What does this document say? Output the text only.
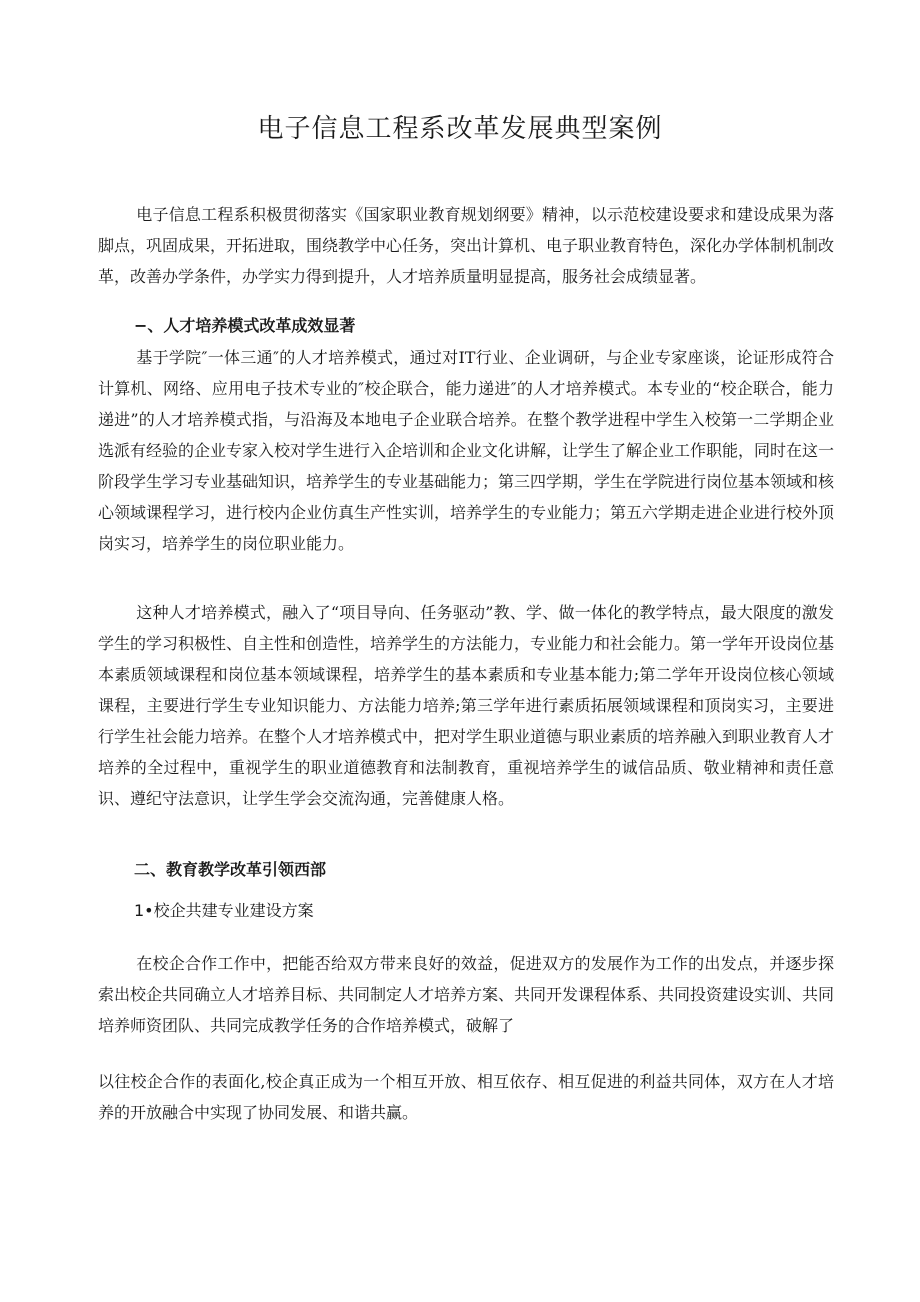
电子信息工程系改革发展典型案例

电子信息工程系积极贯彻落实《国家职业教育规划纲要》精神，以示范校建设要求和建设成果为落脚点，巩固成果，开拓进取，围绕教学中心任务，突出计算机、电子职业教育特色，深化办学体制机制改革，改善办学条件，办学实力得到提升，人才培养质量明显提高，服务社会成绩显著。

−、人才培养模式改革成效显著

基于学院″一体三通″的人才培养模式，通过对IT行业、企业调研，与企业专家座谈，论证形成符合计算机、网络、应用电子技术专业的″校企联合，能力递进″的人才培养模式。本专业的“校企联合，能力递进”的人才培养模式指，与沿海及本地电子企业联合培养。在整个教学进程中学生入校第一二学期企业选派有经验的企业专家入校对学生进行入企培训和企业文化讲解，让学生了解企业工作职能，同时在这一阶段学生学习专业基础知识，培养学生的专业基础能力；第三四学期，学生在学院进行岗位基本领域和核心领域课程学习，进行校内企业仿真生产性实训，培养学生的专业能力；第五六学期走进企业进行校外顶岗实习，培养学生的岗位职业能力。

这种人才培养模式，融入了“项目导向、任务驱动”教、学、做一体化的教学特点，最大限度的激发学生的学习积极性、自主性和创造性，培养学生的方法能力，专业能力和社会能力。第一学年开设岗位基本素质领域课程和岗位基本领域课程，培养学生的基本素质和专业基本能力;第二学年开设岗位核心领域课程，主要进行学生专业知识能力、方法能力培养;第三学年进行素质拓展领域课程和顶岗实习，主要进行学生社会能力培养。在整个人才培养模式中，把对学生职业道德与职业素质的培养融入到职业教育人才培养的全过程中，重视学生的职业道德教育和法制教育，重视培养学生的诚信品质、敬业精神和责任意识、遵纪守法意识，让学生学会交流沟通，完善健康人格。

二、教育教学改革引领西部

1•校企共建专业建设方案

在校企合作工作中，把能否给双方带来良好的效益，促进双方的发展作为工作的出发点，并逐步探索出校企共同确立人才培养目标、共同制定人才培养方案、共同开发课程体系、共同投资建设实训、共同培养师资团队、共同完成教学任务的合作培养模式，破解了

以往校企合作的表面化,校企真正成为一个相互开放、相互依存、相互促进的利益共同体，双方在人才培养的开放融合中实现了协同发展、和谐共赢。
